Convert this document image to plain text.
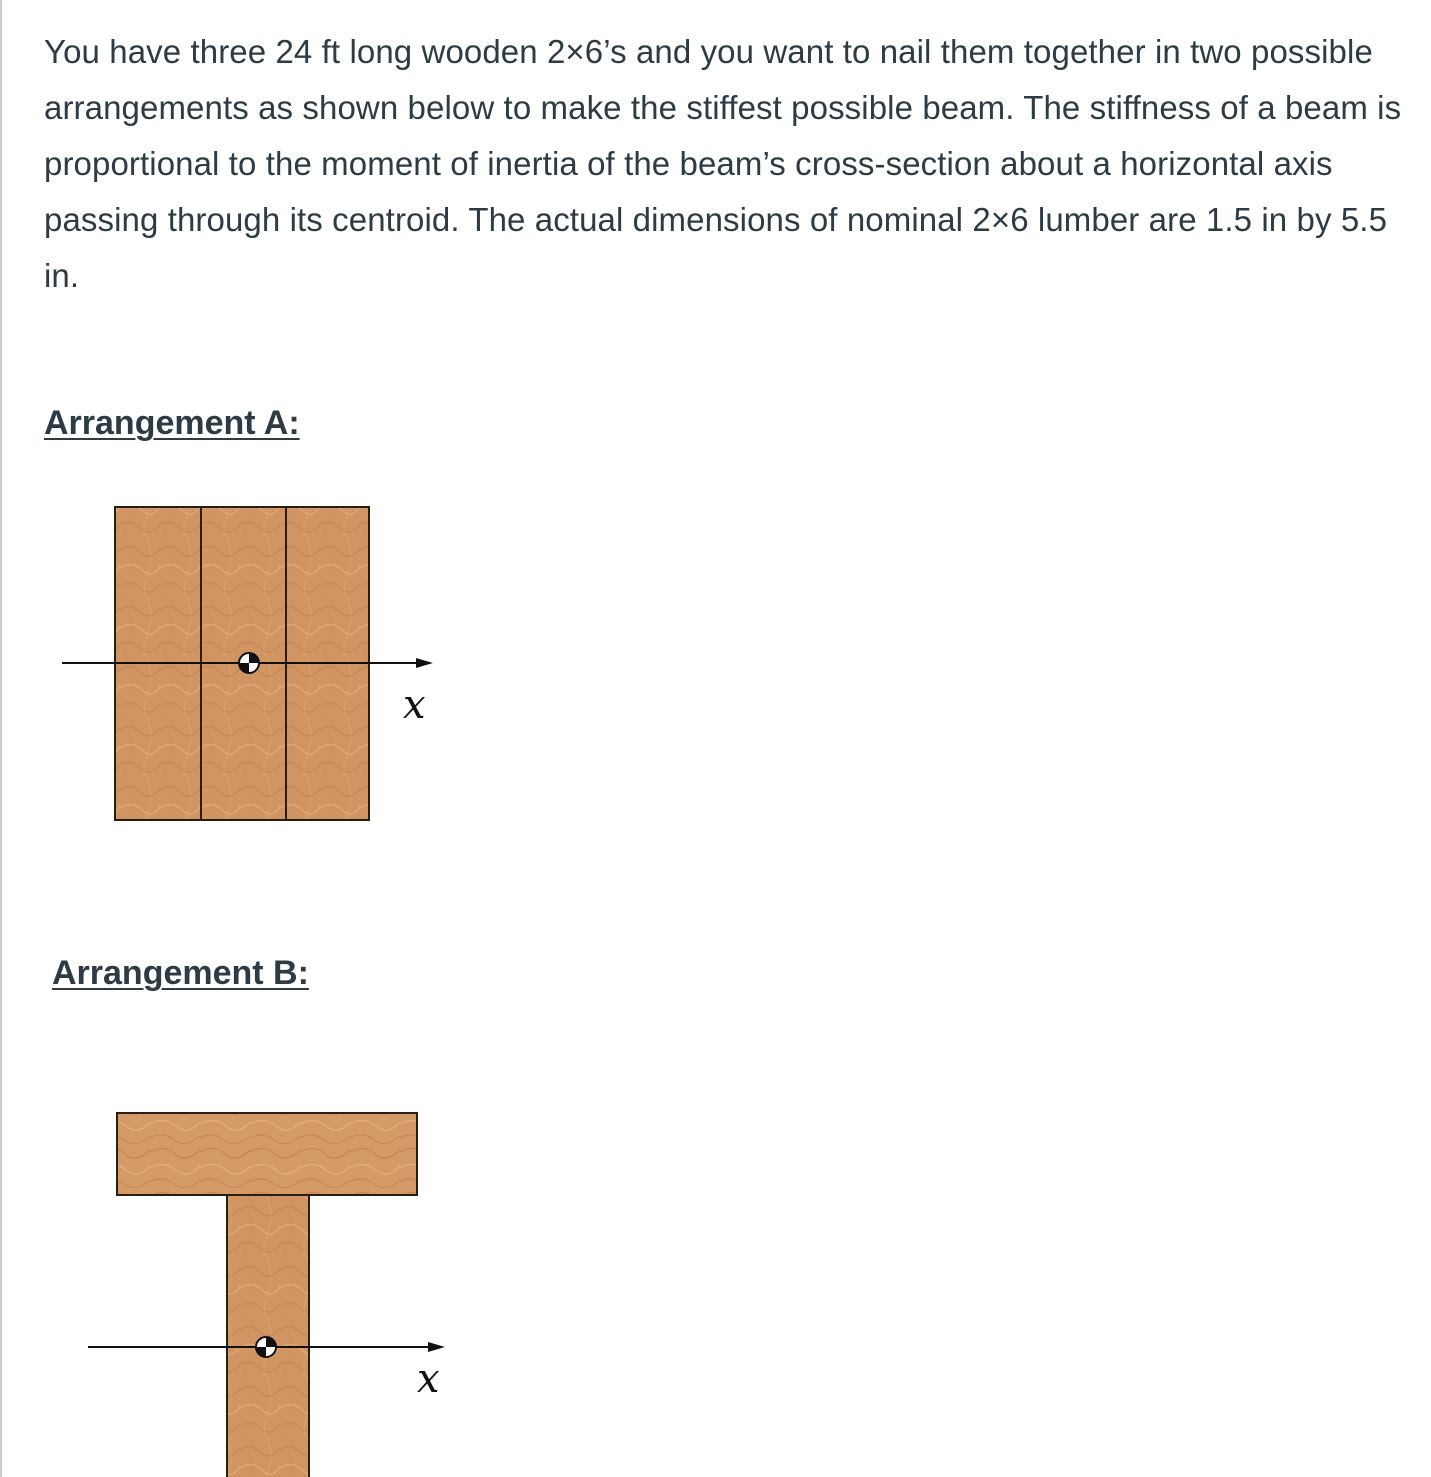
You have three 24 ft long wooden 2×6’s and you want to nail them together in two possible arrangements as shown below to make the stiffest possible beam. The stiffness of a beam is proportional to the moment of inertia of the beam’s cross-section about a horizontal axis passing through its centroid. The actual dimensions of nominal 2×6 lumber are 1.5 in by 5.5 in.

Arrangement A:
Arrangement B:
x
x
